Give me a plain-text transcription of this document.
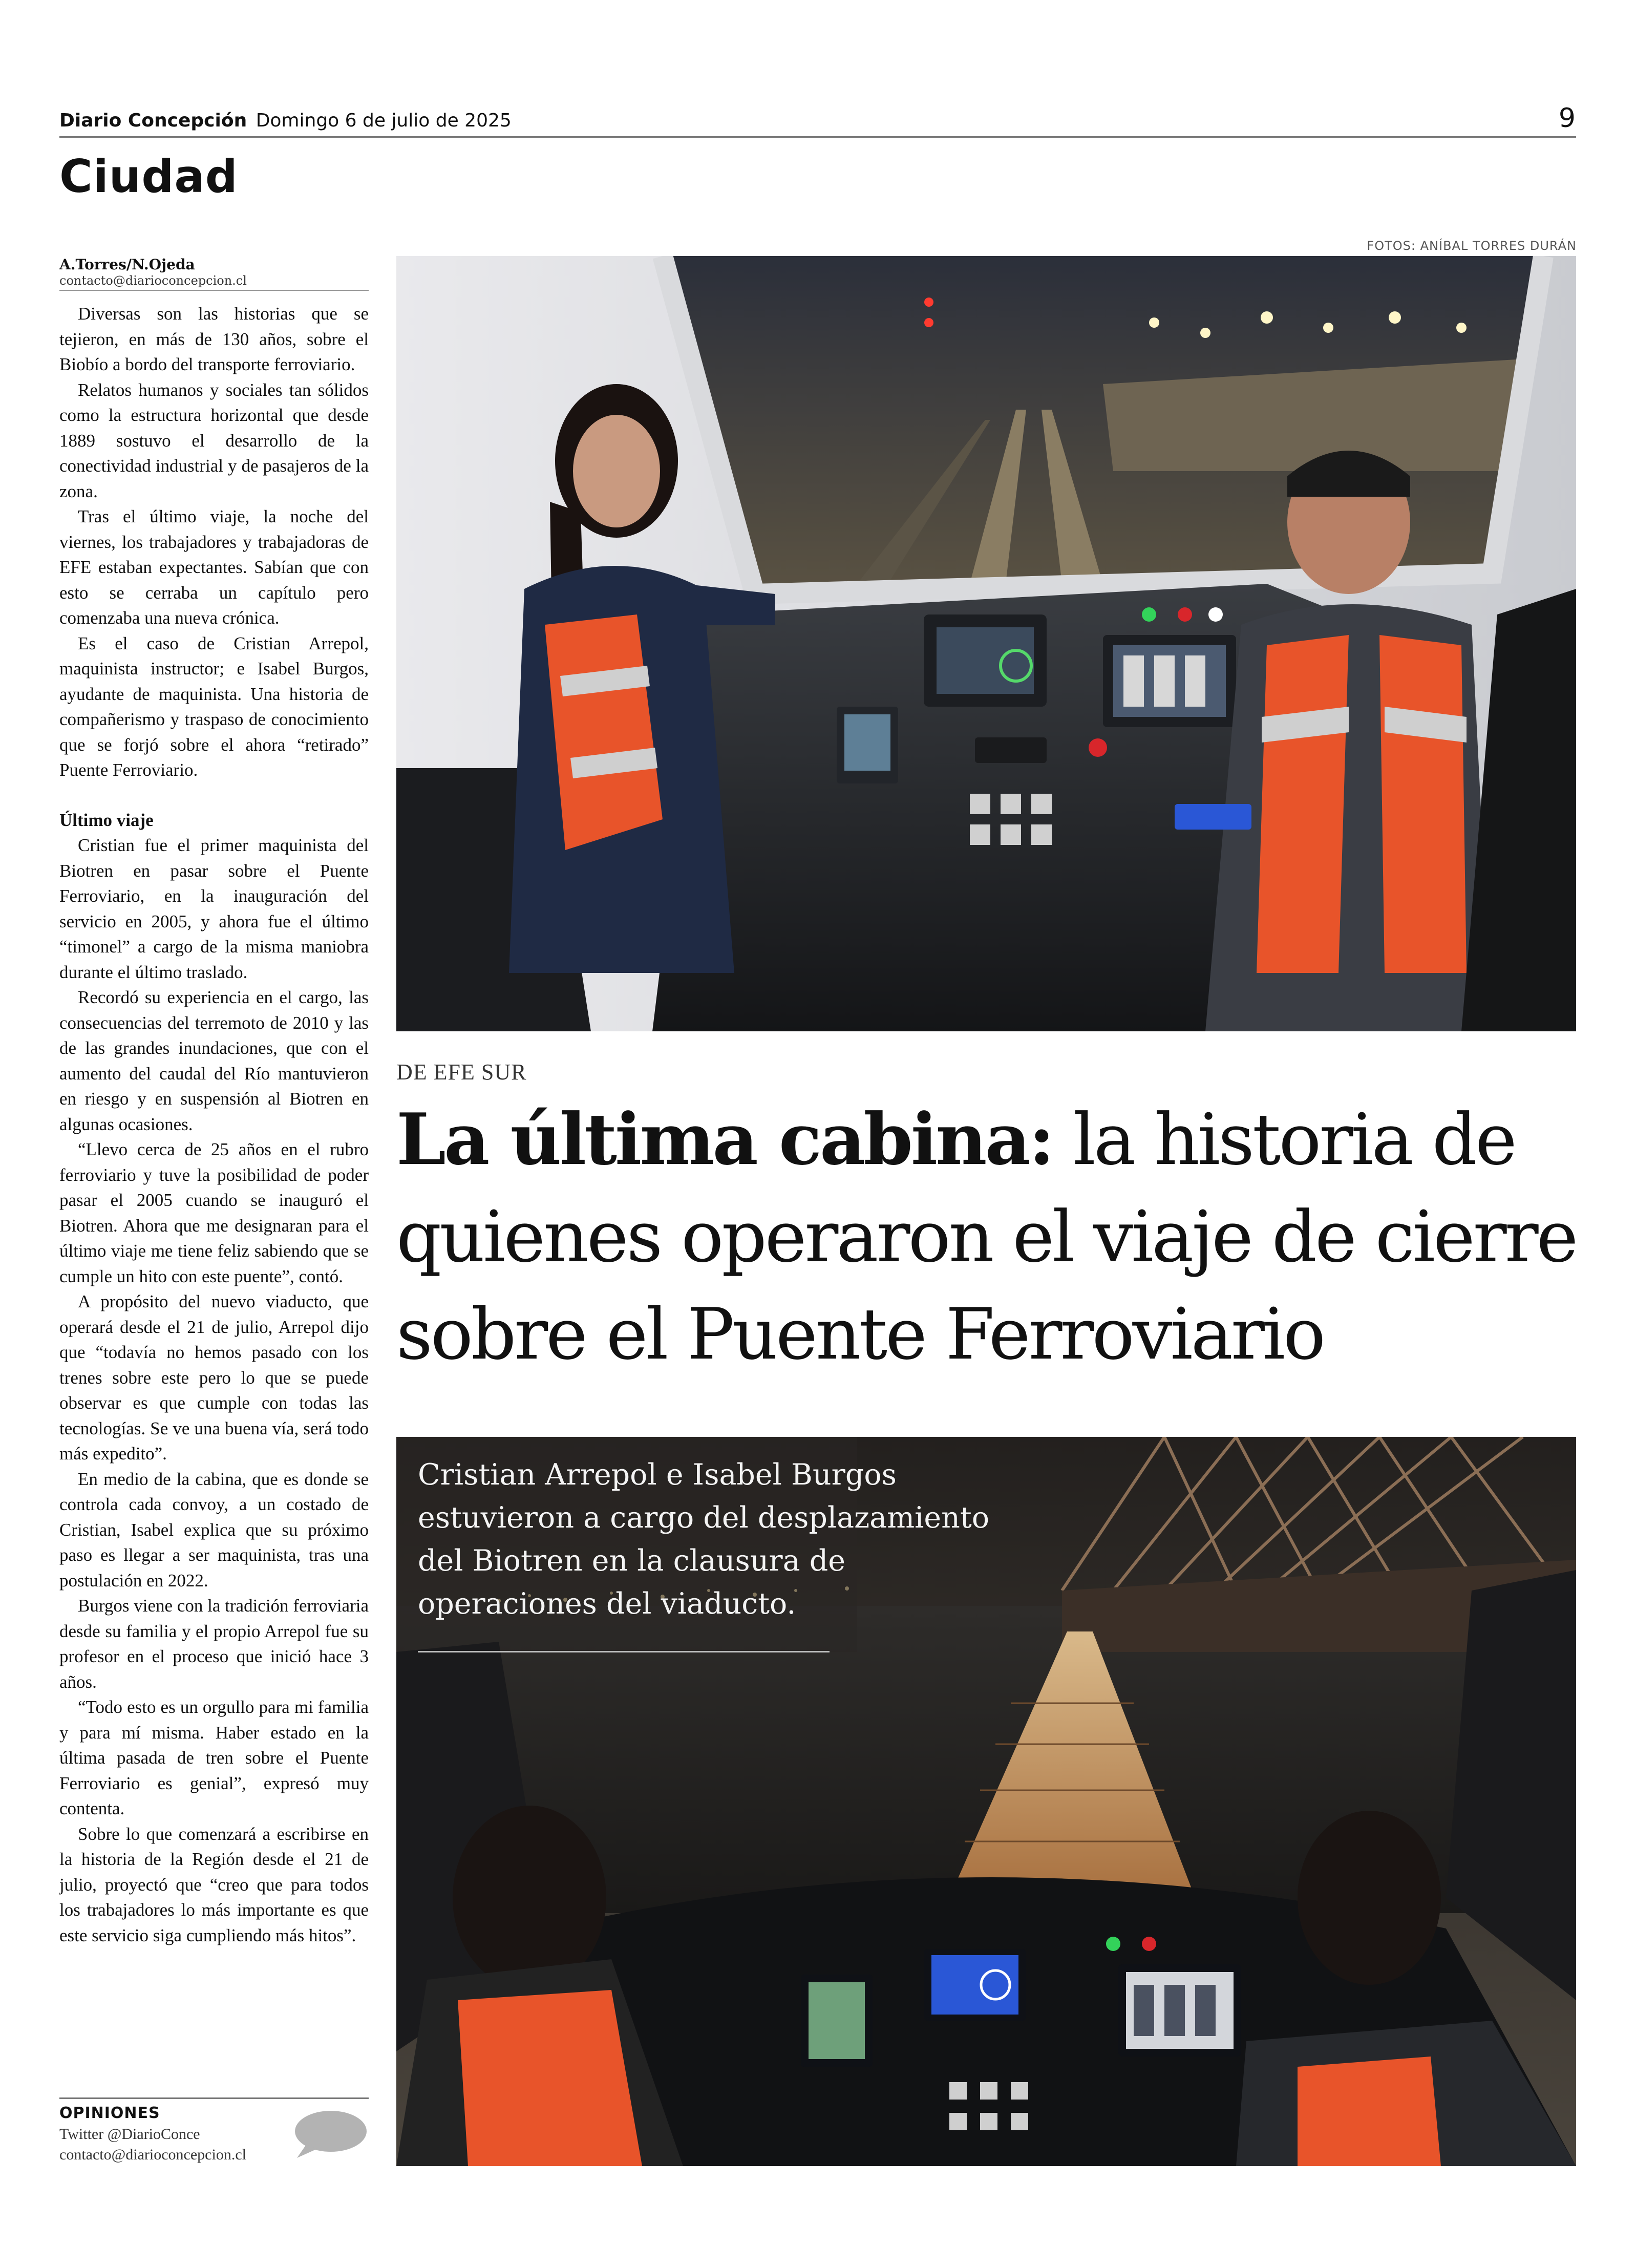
Diario Concepción Domingo 6 de julio de 2025	9
Ciudad
A.Torres/N.Ojeda
contacto@diarioconcepcion.cl

Diversas son las historias que se tejieron, en más de 130 años, sobre el Biobío a bordo del transporte ferroviario.

Relatos humanos y sociales tan sólidos como la estructura horizontal que desde 1889 sostuvo el desarrollo de la conectividad industrial y de pasajeros de la zona.

Tras el último viaje, la noche del viernes, los trabajadores y trabajadoras de EFE estaban expectantes. Sabían que con esto se cerraba un capítulo pero comenzaba una nueva crónica.

Es el caso de Cristian Arrepol, maquinista instructor; e Isabel Burgos, ayudante de maquinista. Una historia de compañerismo y traspaso de conocimiento que se forjó sobre el ahora “retirado” Puente Ferroviario.

Último viaje

Cristian fue el primer maquinista del Biotren en pasar sobre el Puente Ferroviario, en la inauguración del servicio en 2005, y ahora fue el último “timonel” a cargo de la misma maniobra durante el último traslado.

Recordó su experiencia en el cargo, las consecuencias del terremoto de 2010 y las de las grandes inundaciones, que con el aumento del caudal del Río mantuvieron en riesgo y en suspensión al Biotren en algunas ocasiones.

“Llevo cerca de 25 años en el rubro ferroviario y tuve la posibilidad de poder pasar el 2005 cuando se inauguró el Biotren. Ahora que me designaran para el último viaje me tiene feliz sabiendo que se cumple un hito con este puente”, contó.

A propósito del nuevo viaducto, que operará desde el 21 de julio, Arrepol dijo que “todavía no hemos pasado con los trenes sobre este pero lo que se puede observar es que cumple con todas las tecnologías. Se ve una buena vía, será todo más expedito”.

En medio de la cabina, que es donde se controla cada convoy, a un costado de Cristian, Isabel explica que su próximo paso es llegar a ser maquinista, tras una postulación en 2022.

Burgos viene con la tradición ferroviaria desde su familia y el propio Arrepol fue su profesor en el proceso que inició hace 3 años.

“Todo esto es un orgullo para mi familia y para mí misma. Haber estado en la última pasada de tren sobre el Puente Ferroviario es genial”, expresó muy contenta.

Sobre lo que comenzará a escribirse en la historia de la Región desde el 21 de julio, proyectó que “creo que para todos los trabajadores lo más importante es que este servicio siga cumpliendo más hitos”.

OPINIONES
Twitter @DiarioConce
contacto@diarioconcepcion.cl
FOTOS: ANÍBAL TORRES DURÁN
DE EFE SUR
La última cabina: la historia de quienes operaron el viaje de cierre sobre el Puente Ferroviario
Cristian Arrepol e Isabel Burgos estuvieron a cargo del desplazamiento del Biotren en la clausura de operaciones del viaducto.
